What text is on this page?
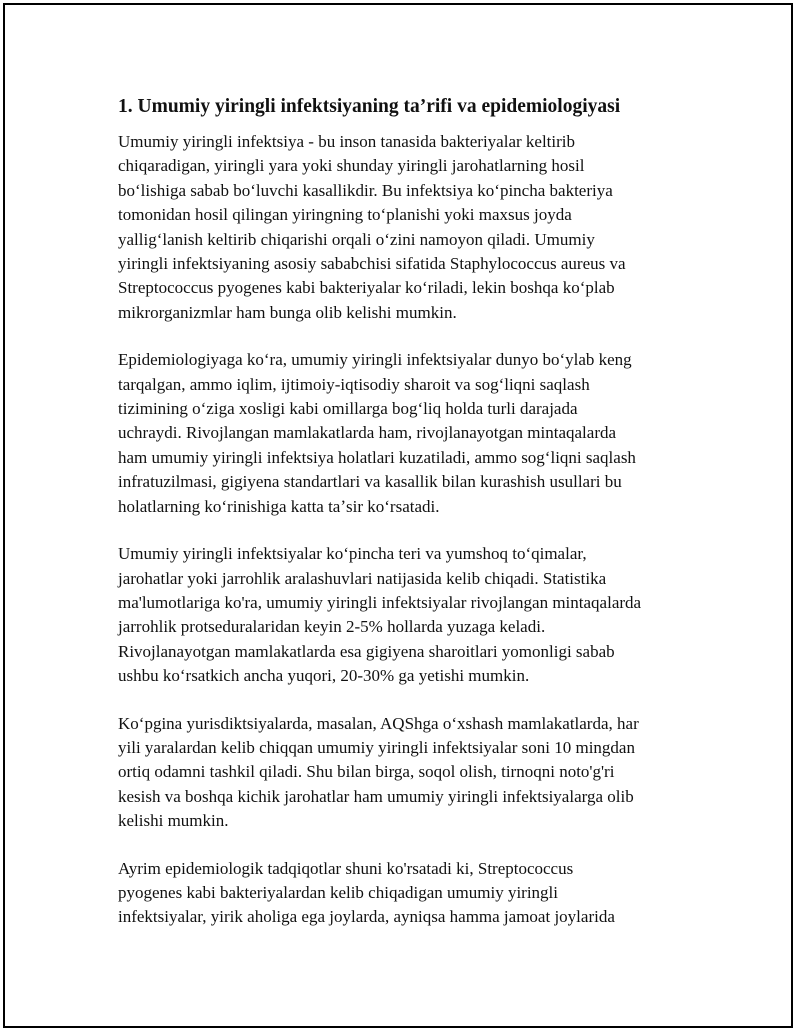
1. Umumiy yiringli infektsiyaning ta’rifi va epidemiologiyasi

Umumiy yiringli infektsiya - bu inson tanasida bakteriyalar keltirib
chiqaradigan, yiringli yara yoki shunday yiringli jarohatlarning hosil
boʻlishiga sabab boʻluvchi kasallikdir. Bu infektsiya koʻpincha bakteriya
tomonidan hosil qilingan yiringning toʻplanishi yoki maxsus joyda
yalligʻlanish keltirib chiqarishi orqali oʻzini namoyon qiladi. Umumiy
yiringli infektsiyaning asosiy sababchisi sifatida Staphylococcus aureus va
Streptococcus pyogenes kabi bakteriyalar koʻriladi, lekin boshqa koʻplab
mikrorganizmlar ham bunga olib kelishi mumkin.

Epidemiologiyaga koʻra, umumiy yiringli infektsiyalar dunyo boʻylab keng
tarqalgan, ammo iqlim, ijtimoiy-iqtisodiy sharoit va sogʻliqni saqlash
tizimining oʻziga xosligi kabi omillarga bogʻliq holda turli darajada
uchraydi. Rivojlangan mamlakatlarda ham, rivojlanayotgan mintaqalarda
ham umumiy yiringli infektsiya holatlari kuzatiladi, ammo sogʻliqni saqlash
infratuzilmasi, gigiyena standartlari va kasallik bilan kurashish usullari bu
holatlarning koʻrinishiga katta taʼsir koʻrsatadi.

Umumiy yiringli infektsiyalar koʻpincha teri va yumshoq toʻqimalar,
jarohatlar yoki jarrohlik aralashuvlari natijasida kelib chiqadi. Statistika
ma'lumotlariga ko'ra, umumiy yiringli infektsiyalar rivojlangan mintaqalarda
jarrohlik protseduralaridan keyin 2-5% hollarda yuzaga keladi.
Rivojlanayotgan mamlakatlarda esa gigiyena sharoitlari yomonligi sabab
ushbu koʻrsatkich ancha yuqori, 20-30% ga yetishi mumkin.

Koʻpgina yurisdiktsiyalarda, masalan, AQShga oʻxshash mamlakatlarda, har
yili yaralardan kelib chiqqan umumiy yiringli infektsiyalar soni 10 mingdan
ortiq odamni tashkil qiladi. Shu bilan birga, soqol olish, tirnoqni noto'g'ri
kesish va boshqa kichik jarohatlar ham umumiy yiringli infektsiyalarga olib
kelishi mumkin.

Ayrim epidemiologik tadqiqotlar shuni ko'rsatadi ki, Streptococcus
pyogenes kabi bakteriyalardan kelib chiqadigan umumiy yiringli
infektsiyalar, yirik aholiga ega joylarda, ayniqsa hamma jamoat joylarida
